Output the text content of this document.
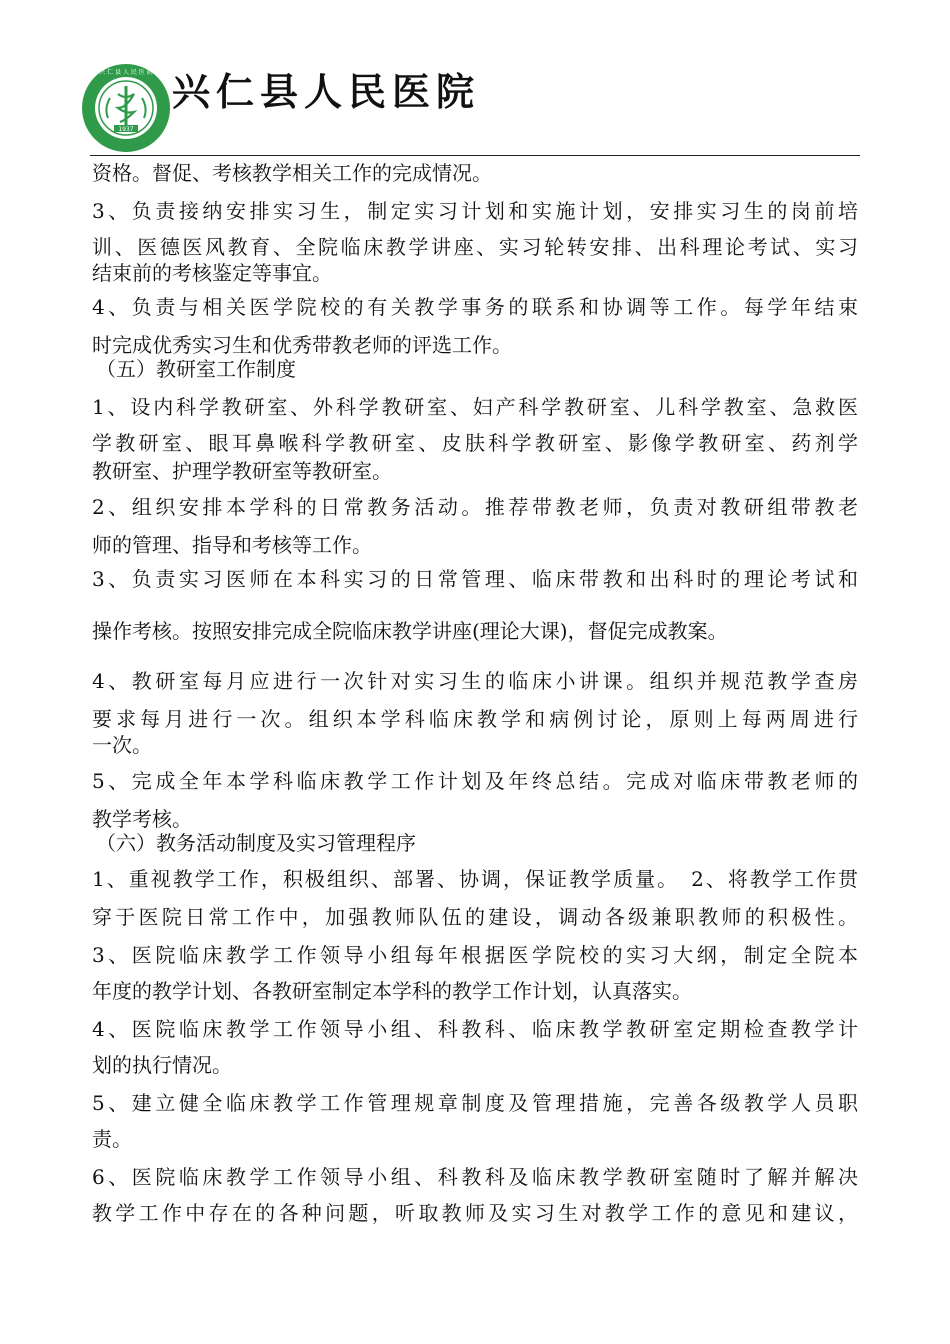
1937
兴 仁 县 人 民 医 院 兴仁县人民医院
资格。督促、考核教学相关工作的完成情况。
3、负责接纳安排实习生，制定实习计划和实施计划，安排实习生的岗前培
训、医德医风教育、全院临床教学讲座、实习轮转安排、出科理论考试、实习
结束前的考核鉴定等事宜。
4、负责与相关医学院校的有关教学事务的联系和协调等工作。每学年结束
时完成优秀实习生和优秀带教老师的评选工作。
（五）教研室工作制度
1、设内科学教研室、外科学教研室、妇产科学教研室、儿科学教室、急救医
学教研室、眼耳鼻喉科学教研室、皮肤科学教研室、影像学教研室、药剂学
教研室、护理学教研室等教研室。
2、组织安排本学科的日常教务活动。推荐带教老师，负责对教研组带教老
师的管理、指导和考核等工作。
3、负责实习医师在本科实习的日常管理、临床带教和出科时的理论考试和
操作考核。按照安排完成全院临床教学讲座(理论大课)，督促完成教案。
4、教研室每月应进行一次针对实习生的临床小讲课。组织并规范教学查房
要求每月进行一次。组织本学科临床教学和病例讨论，原则上每两周进行
一次。
5、完成全年本学科临床教学工作计划及年终总结。完成对临床带教老师的
教学考核。
（六）教务活动制度及实习管理程序
1、重视教学工作，积极组织、部署、协调，保证教学质量。　2、将教学工作贯
穿于医院日常工作中，加强教师队伍的建设，调动各级兼职教师的积极性。
3、医院临床教学工作领导小组每年根据医学院校的实习大纲，制定全院本
年度的教学计划、各教研室制定本学科的教学工作计划，认真落实。
4、医院临床教学工作领导小组、科教科、临床教学教研室定期检查教学计
划的执行情况。
5、建立健全临床教学工作管理规章制度及管理措施，完善各级教学人员职
责。
6、医院临床教学工作领导小组、科教科及临床教学教研室随时了解并解决
教学工作中存在的各种问题，听取教师及实习生对教学工作的意见和建议，
